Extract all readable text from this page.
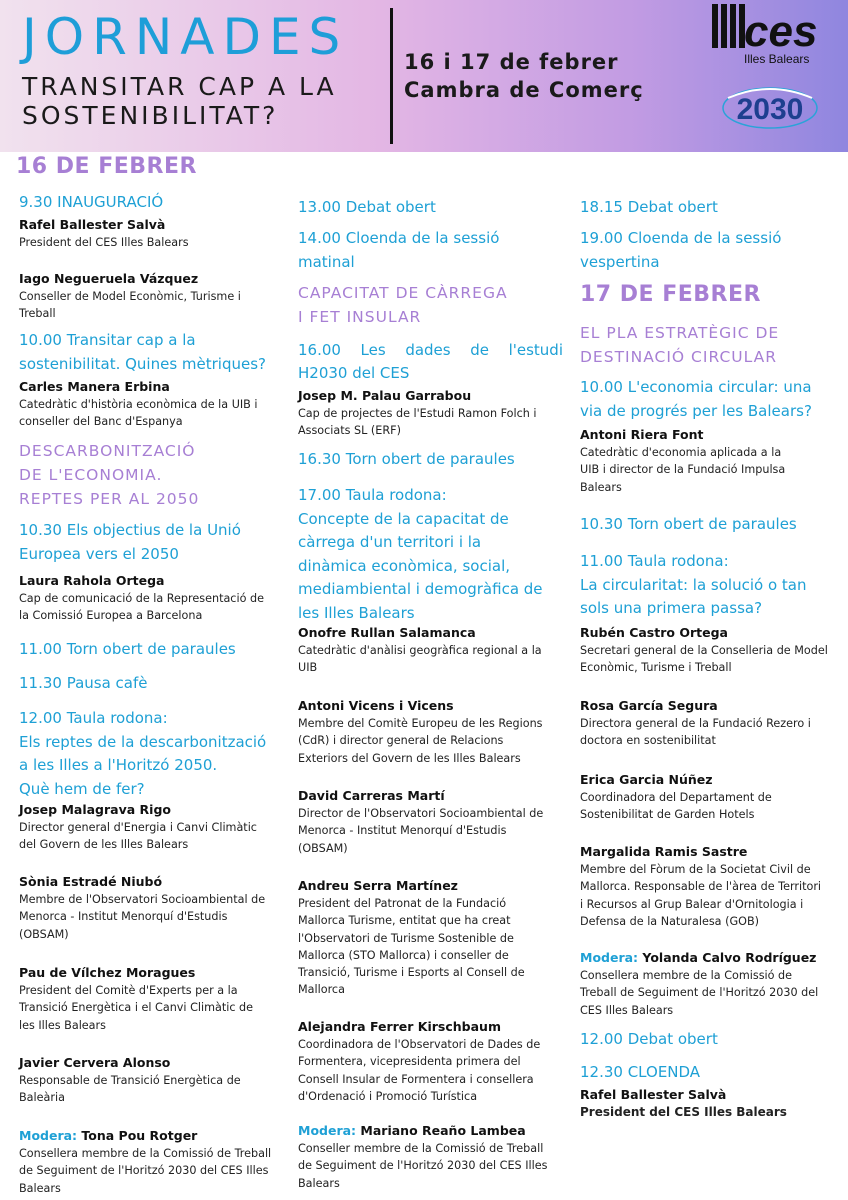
JORNADES
TRANSITAR CAP A LA
SOSTENIBILITAT?
16 i 17 de febrer
Cambra de Comerç
ces
Illes Balears
2030
16 DE FEBRER
9.30 INAUGURACIÓ
Rafel Ballester Salvà
President del CES Illes Balears
Iago Negueruela Vázquez
Conseller de Model Econòmic, Turisme i
Treball
10.00 Transitar cap a la
sostenibilitat. Quines mètriques?
Carles Manera Erbina
Catedràtic d'història econòmica de la UIB i
conseller del Banc d'Espanya
DESCARBONITZACIÓ
DE L'ECONOMIA.
REPTES PER AL 2050
10.30 Els objectius de la Unió
Europea vers el 2050
Laura Rahola Ortega
Cap de comunicació de la Representació de
la Comissió Europea a Barcelona
11.00 Torn obert de paraules
11.30 Pausa cafè
12.00 Taula rodona:
Els reptes de la descarbonització
a les Illes a l'Horitzó 2050.
Què hem de fer?
Josep Malagrava Rigo
Director general d'Energia i Canvi Climàtic
del Govern de les Illes Balears
Sònia Estradé Niubó
Membre de l'Observatori Socioambiental de
Menorca - Institut Menorquí d'Estudis
(OBSAM)
Pau de Vílchez Moragues
President del Comitè d'Experts per a la
Transició Energètica i el Canvi Climàtic de
les Illes Balears
Javier Cervera Alonso
Responsable de Transició Energètica de
Baleària
Modera: Tona Pou Rotger
Consellera membre de la Comissió de Treball
de Seguiment de l'Horitzó 2030 del CES Illes
Balears
13.00 Debat obert
14.00 Cloenda de la sessió
matinal
CAPACITAT DE CÀRREGA
I FET INSULAR
16.00 Les dades de l'estudi
H2030 del CES
Josep M. Palau Garrabou
Cap de projectes de l'Estudi Ramon Folch i
Associats SL (ERF)
16.30 Torn obert de paraules
17.00 Taula rodona:
Concepte de la capacitat de
càrrega d'un territori i la
dinàmica econòmica, social,
mediambiental i demogràfica de
les Illes Balears
Onofre Rullan Salamanca
Catedràtic d'anàlisi geogràfica regional a la
UIB
Antoni Vicens i Vicens
Membre del Comitè Europeu de les Regions
(CdR) i director general de Relacions
Exteriors del Govern de les Illes Balears
David Carreras Martí
Director de l'Observatori Socioambiental de
Menorca - Institut Menorquí d'Estudis
(OBSAM)
Andreu Serra Martínez
President del Patronat de la Fundació
Mallorca Turisme, entitat que ha creat
l'Observatori de Turisme Sostenible de
Mallorca (STO Mallorca) i conseller de
Transició, Turisme i Esports al Consell de
Mallorca
Alejandra Ferrer Kirschbaum
Coordinadora de l'Observatori de Dades de
Formentera, vicepresidenta primera del
Consell Insular de Formentera i consellera
d'Ordenació i Promoció Turística
Modera: Mariano Reaño Lambea
Conseller membre de la Comissió de Treball
de Seguiment de l'Horitzó 2030 del CES Illes
Balears
18.15 Debat obert
19.00 Cloenda de la sessió
vespertina
17 DE FEBRER
EL PLA ESTRATÈGIC DE
DESTINACIÓ CIRCULAR
10.00 L'economia circular: una
via de progrés per les Balears?
Antoni Riera Font
Catedràtic d'economia aplicada a la
UIB i director de la Fundació Impulsa
Balears
10.30 Torn obert de paraules
11.00 Taula rodona:
La circularitat: la solució o tan
sols una primera passa?
Rubén Castro Ortega
Secretari general de la Conselleria de Model
Econòmic, Turisme i Treball
Rosa García Segura
Directora general de la Fundació Rezero i
doctora en sostenibilitat
Erica Garcia Núñez
Coordinadora del Departament de
Sostenibilitat de Garden Hotels
Margalida Ramis Sastre
Membre del Fòrum de la Societat Civil de
Mallorca. Responsable de l'àrea de Territori
i Recursos al Grup Balear d'Ornitologia i
Defensa de la Naturalesa (GOB)
Modera: Yolanda Calvo Rodríguez
Consellera membre de la Comissió de
Treball de Seguiment de l'Horitzó 2030 del
CES Illes Balears
12.00 Debat obert
12.30 CLOENDA
Rafel Ballester Salvà
President del CES Illes Balears
